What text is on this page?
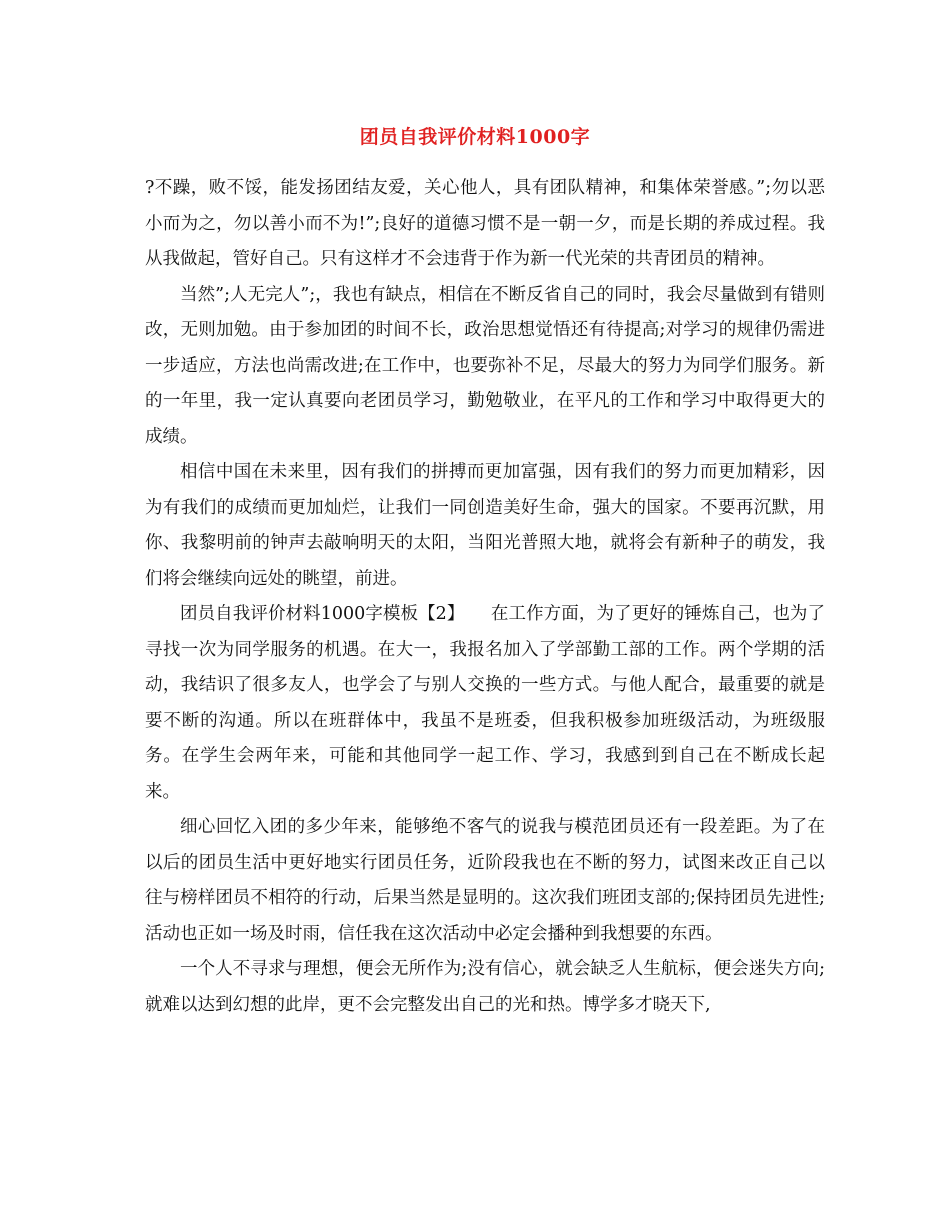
团员自我评价材料1000字

?不躁，败不馁，能发扬团结友爱，关心他人，具有团队精神，和集体荣誉感。”;勿以恶小而为之，勿以善小而不为!”;良好的道德习惯不是一朝一夕，而是长期的养成过程。我从我做起，管好自己。只有这样才不会违背于作为新一代光荣的共青团员的精神。

当然”;人无完人”;，我也有缺点，相信在不断反省自己的同时，我会尽量做到有错则改，无则加勉。由于参加团的时间不长，政治思想觉悟还有待提高;对学习的规律仍需进一步适应，方法也尚需改进;在工作中，也要弥补不足，尽最大的努力为同学们服务。新的一年里，我一定认真要向老团员学习，勤勉敬业，在平凡的工作和学习中取得更大的成绩。

相信中国在未来里，因有我们的拼搏而更加富强，因有我们的努力而更加精彩，因为有我们的成绩而更加灿烂，让我们一同创造美好生命，强大的国家。不要再沉默，用你、我黎明前的钟声去敲响明天的太阳，当阳光普照大地，就将会有新种子的萌发，我们将会继续向远处的眺望，前进。

团员自我评价材料1000字模板【2】　　在工作方面，为了更好的锤炼自己，也为了寻找一次为同学服务的机遇。在大一，我报名加入了学部勤工部的工作。两个学期的活动，我结识了很多友人，也学会了与别人交换的一些方式。与他人配合，最重要的就是要不断的沟通。所以在班群体中，我虽不是班委，但我积极参加班级活动，为班级服务。在学生会两年来，可能和其他同学一起工作、学习，我感到到自己在不断成长起来。

细心回忆入团的多少年来，能够绝不客气的说我与模范团员还有一段差距。为了在以后的团员生活中更好地实行团员任务，近阶段我也在不断的努力，试图来改正自己以往与榜样团员不相符的行动，后果当然是显明的。这次我们班团支部的;保持团员先进性;活动也正如一场及时雨，信任我在这次活动中必定会播种到我想要的东西。

一个人不寻求与理想，便会无所作为;没有信心，就会缺乏人生航标，便会迷失方向;就难以达到幻想的此岸，更不会完整发出自己的光和热。博学多才晓天下,
